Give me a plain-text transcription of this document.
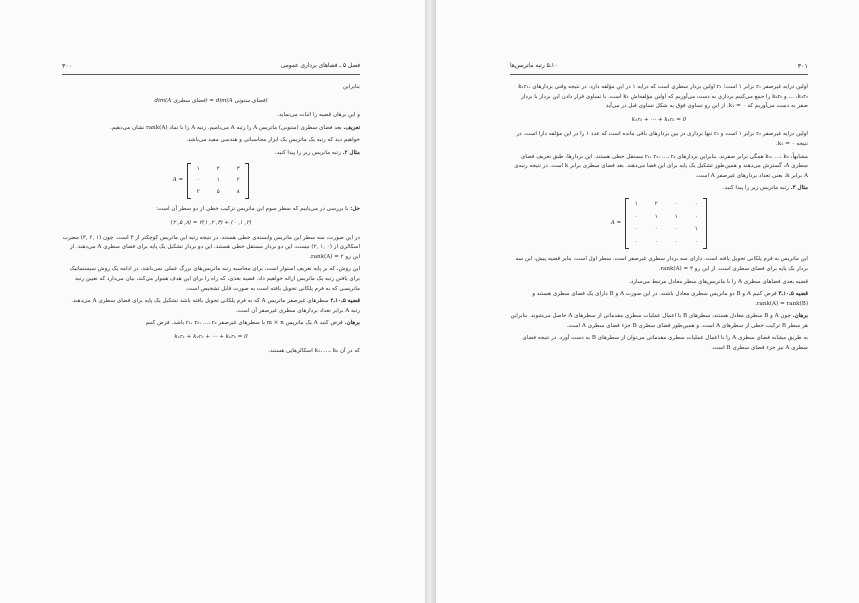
۳۰۰	فصل ۵ ـ فضاهای برداری عمومی

بنابراین

dim(A فضای سطری) = dim(A فضای ستونی)

و این برهان قضیه را اثبات می‌نماید.

تعریف. بعد فضای سطری (ستونی) ماتریس A را رتبه A می‌نامیم. رتبه A را با نماد rank(A) نشان می‌دهیم.

خواهیم دید که رتبه یک ماتریس یک ابزار محاسباتی و هندسی مفید می‌باشد.

مثال ۲. رتبه ماتریس زیر را پیدا کنید.

A =
۱	۲	۳
۰	۱	۲
۲	۵	۸

حل: با بررسی در می‌یابیم که سطر سوم این ماتریس ترکیب خطی از دو سطر آن است:

(۲ ,۵ ,۸) = ۲(۱ ,۲ ,۳) + (۰ ,۱ ,۲)

در این صورت، سه سطر این ماتریس وابسته‌ی خطی هستند. در نتیجه رتبه این ماتریس کوچکتر از ۳ است. چون (۱ ,۲ ,۳) مضرب اسکالری از (۰ ,۱ ,۲) نیست، این دو بردار مستقل خطی هستند. این دو بردار تشکیل یک پایه برای فضای سطری A می‌دهند. از این رو rank(A) = ۲.

این روش، که بر پایه تعریف استوار است، برای محاسبه رتبه ماتریس‌های بزرگ عملی نمی‌باشد. در ادامه یک روش سیستماتیک برای یافتن رتبه یک ماتریس ارائه خواهیم داد. قضیه بعدی، که راه را برای این هدف هموار می‌کند، بیان می‌دارد که تعیین رتبه ماتریسی که به فرم پلکانی تحویل یافته است به صورت قابل تشخیص است.

قضیه ۵ـ۱۰ـ۲ سطرهای غیرصفر ماتریس A که به فرم پلکانی تحویل یافته باشد تشکیل یک پایه برای فضای سطری A می‌دهند. رتبه A برابر تعداد بردارهای سطری غیرصفر آن است.

برهان. فرض کنید A یک ماتریس m × n با سطرهای غیرصفر r₁، r₂، ...، rₖ باشد. فرض کنیم

k₁r₁ + k₂r₂ + ⋯ + kₖrₖ = 0

که در آن k₁، ...، kₖ اسکالرهایی هستند.

۳۰۱
۱۰ـ۵ رتبه ماتریس‌ها

اولین درایه غیرصفر r₁ برابر ۱ است؛ r₁ اولین بردار سطری است که درایه ۱ در این مؤلفه دارد. در نتیجه وقتی بردارهای k₁r₁، k₂r₂، ... و kₖrₖ را جمع می‌کنیم برداری به دست می‌آوریم که اولین مؤلفه‌اش k₁ است. با تساوی قرار دادن این بردار با بردار صفر به دست می‌آوریم که k₁ = ۰. از این رو تساوی فوق به شکل تساوی قبل در می‌آید

k₂r₂ + ⋯ + kₖrₖ = 0

اولین درایه غیرصفر r₂ برابر ۱ است و r₂ تنها برداری در بین بردارهای باقی مانده است که عدد ۱ را در این مؤلفه دارا است. در نتیجه k₂ = ۰.

مشابهاً، k₃، ...، kₖ همگی برابر صفرند. بنابراین بردارهای r₁، r₂، ...، rₖ مستقل خطی هستند. این بردارها، طبق تعریف فضای سطری A، گسترش می‌دهند و همین‌طور تشکیل یک پایه برای این فضا می‌دهند. بعد فضای سطری برابر k است. در نتیجه رتبه‌ی A برابر k، یعنی تعداد بردارهای غیرصفر A است.

مثال ۳. رتبه ماتریس زیر را پیدا کنید.

A =
۱	۲	۰	۰
۰	۱	۱	۰
۰	۰	۰	۱
۰	۰	۰	۰

این ماتریس به فرم پلکانی تحویل یافته است. دارای سه بردار سطری غیرصفر است. سطر اول است. بنابر قضیه پیش، این سه بردار یک پایه برای فضای سطری است. از این رو rank(A) = ۳.

قضیه بعدی فضاهای سطری A را با ماتریس‌های سطر معادل مرتبط می‌سازد.

قضیه ۵ـ۱۰ـ۳ فرض کنیم A و B دو ماتریس سطری معادل باشند. در این صورت A و B دارای یک فضای سطری هستند و rank(A) = rank(B).

برهان. چون A و B سطری معادل هستند، سطرهای B با اعمال عملیات سطری مقدماتی از سطرهای A حاصل می‌شوند. بنابراین هر سطر B ترکیب خطی از سطرهای A است. و همین‌طور فضای سطری B جزء فضای سطری A است.

به طریق مشابه فضای سطری A را با اعمال عملیات سطری مقدماتی می‌توان از سطرهای B به دست آورد. در نتیجه فضای سطری A نیز جزء فضای سطری B است.
